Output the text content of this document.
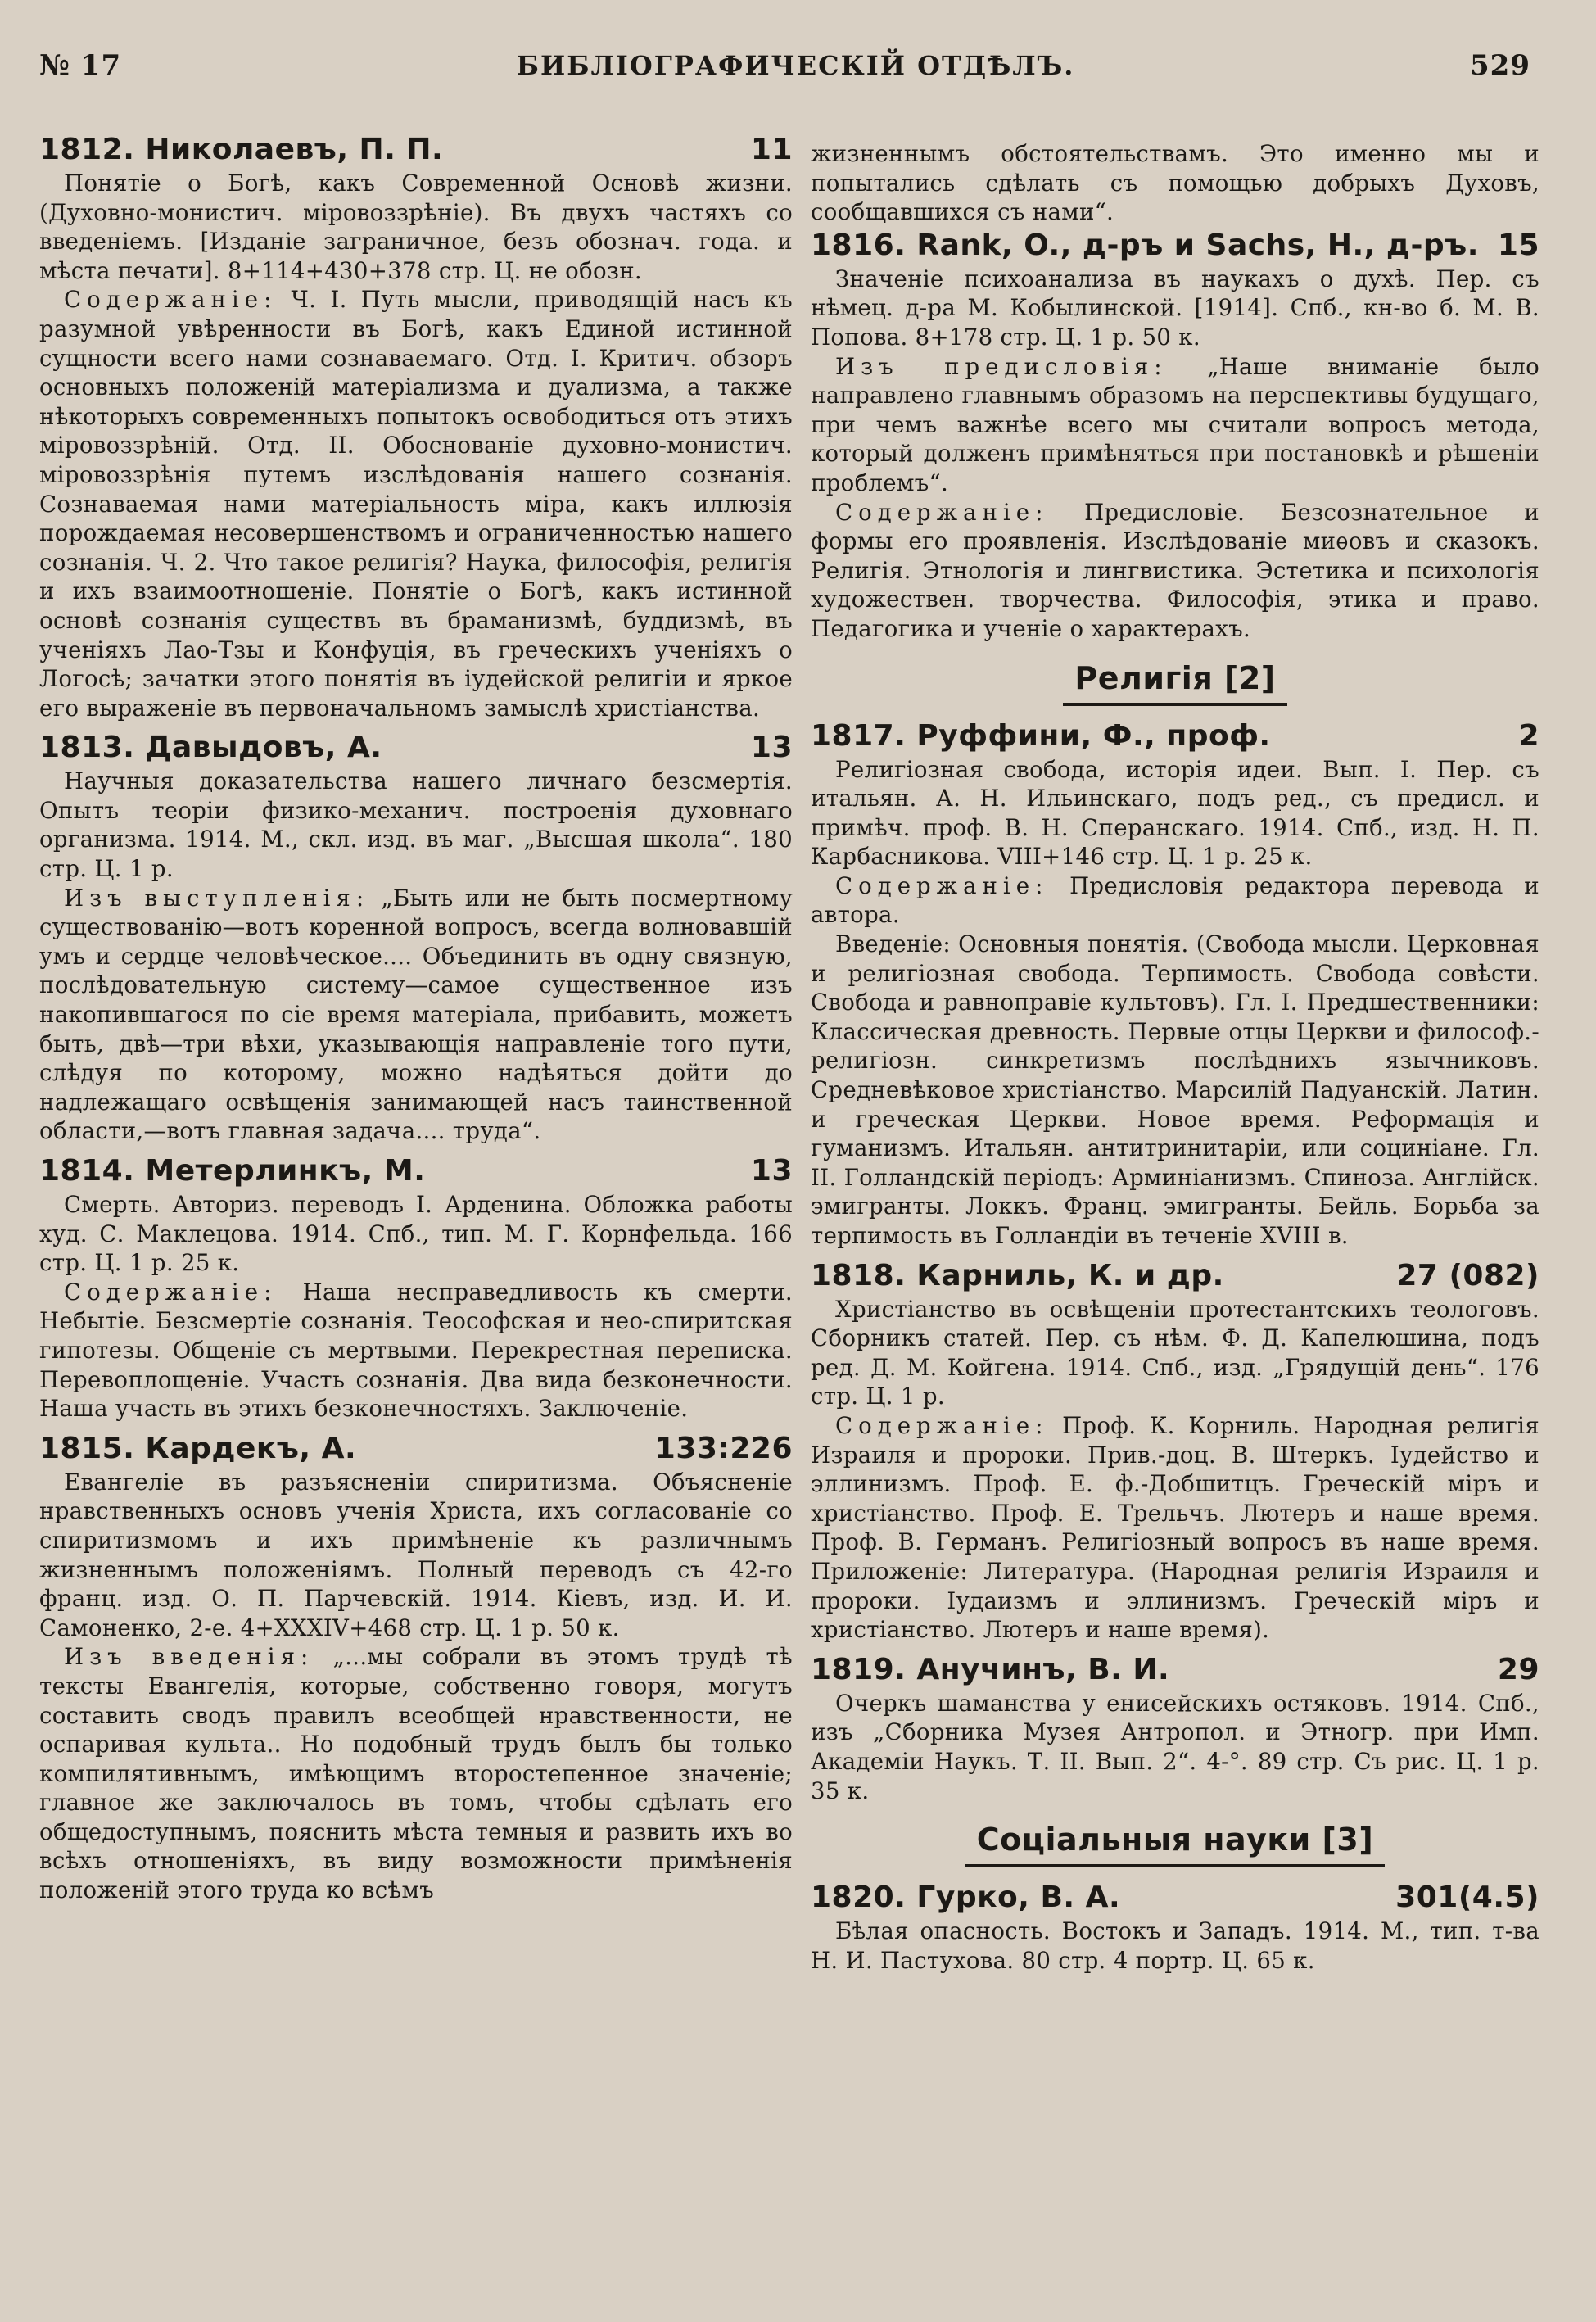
№ 17	БИБЛІОГРАФИЧЕСКІЙ ОТДѢЛЪ.	529
1812. Николаевъ, П. П.	11

Понятіе о Богѣ, какъ Современной Основѣ жизни. (Духовно-монистич. міровоззрѣніе). Въ двухъ частяхъ со введеніемъ. [Изданіе заграничное, безъ обознач. года. и мѣста печати]. 8+114+430+378 стр. Ц. не обозн.

Содержаніе: Ч. I. Путь мысли, приводящій насъ къ разумной увѣренности въ Богѣ, какъ Единой истинной сущности всего нами сознаваемаго. Отд. I. Критич. обзоръ основныхъ положеній матеріализма и дуализма, а также нѣкоторыхъ современныхъ попытокъ освободиться отъ этихъ міровоззрѣній. Отд. II. Обоснованіе духовно-монистич. міровоззрѣнія путемъ изслѣдованія нашего сознанія. Сознаваемая нами матеріальность міра, какъ иллюзія порождаемая несовершенствомъ и ограниченностью нашего сознанія. Ч. 2. Что такое религія? Наука, философія, религія и ихъ взаимоотношеніе. Понятіе о Богѣ, какъ истинной основѣ сознанія существъ въ браманизмѣ, буддизмѣ, въ ученіяхъ Лао-Тзы и Конфуція, въ греческихъ ученіяхъ о Логосѣ; зачатки этого понятія въ іудейской религіи и яркое его выраженіе въ первоначальномъ замыслѣ христіанства.

1813. Давыдовъ, А.	13

Научныя доказательства нашего личнаго безсмертія. Опытъ теоріи физико-механич. построенія духовнаго организма. 1914. М., скл. изд. въ маг. „Высшая школа“. 180 стр. Ц. 1 р.

Изъ выступленія: „Быть или не быть посмертному существованію—вотъ коренной вопросъ, всегда волновавшій умъ и сердце человѣческое.... Объединить въ одну связную, послѣдовательную систему—самое существенное изъ накопившагося по сіе время матеріала, прибавить, можетъ быть, двѣ—три вѣхи, указывающія направленіе того пути, слѣдуя по которому, можно надѣяться дойти до надлежащаго освѣщенія занимающей насъ таинственной области,—вотъ главная задача.... труда“.

1814. Метерлинкъ, М.	13

Смерть. Авториз. переводъ I. Арденина. Обложка работы худ. С. Маклецова. 1914. Спб., тип. М. Г. Корнфельда. 166 стр. Ц. 1 р. 25 к.

Содержаніе: Наша несправедливость къ смерти. Небытіе. Безсмертіе сознанія. Теософская и нео-спиритская гипотезы. Общеніе съ мертвыми. Перекрестная переписка. Перевоплощеніе. Участь сознанія. Два вида безконечности. Наша участь въ этихъ безконечностяхъ. Заключеніе.

1815. Кардекъ, А.	133:226

Евангеліе въ разъясненіи спиритизма. Объясненіе нравственныхъ основъ ученія Христа, ихъ согласованіе со спиритизмомъ и ихъ примѣненіе къ различнымъ жизненнымъ положеніямъ. Полный переводъ съ 42-го франц. изд. О. П. Парчевскій. 1914. Кіевъ, изд. И. И. Самоненко, 2-е. 4+XXXIV+468 стр. Ц. 1 р. 50 к.

Изъ введенія: „...мы собрали въ этомъ трудѣ тѣ тексты Евангелія, которые, собственно говоря, могутъ составить сводъ правилъ всеобщей нравственности, не оспаривая культа.. Но подобный трудъ былъ бы только компилятивнымъ, имѣющимъ второстепенное значеніе; главное же заключалось въ томъ, чтобы сдѣлать его общедоступнымъ, пояснить мѣста темныя и развить ихъ во всѣхъ отношеніяхъ, въ виду возможности примѣненія положеній этого труда ко всѣмъ

жизненнымъ обстоятельствамъ. Это именно мы и попытались сдѣлать съ помощью добрыхъ Духовъ, сообщавшихся съ нами“.

1816. Rank, O., д-ръ и Sachs, H., д-ръ. 15

Значеніе психоанализа въ наукахъ о духѣ. Пер. съ нѣмец. д-ра М. Кобылинской. [1914]. Спб., кн-во б. М. В. Попова. 8+178 стр. Ц. 1 р. 50 к.

Изъ предисловія: „Наше вниманіе было направлено главнымъ образомъ на перспективы будущаго, при чемъ важнѣе всего мы считали вопросъ метода, который долженъ примѣняться при постановкѣ и рѣшеніи проблемъ“.

Содержаніе: Предисловіе. Безсознательное и формы его проявленія. Изслѣдованіе миѳовъ и сказокъ. Религія. Этнологія и лингвистика. Эстетика и психологія художествен. творчества. Философія, этика и право. Педагогика и ученіе о характерахъ.

Религія [2]
1817. Руффини, Ф., проф.	2

Религіозная свобода, исторія идеи. Вып. I. Пер. съ итальян. А. Н. Ильинскаго, подъ ред., съ предисл. и примѣч. проф. В. Н. Сперанскаго. 1914. Спб., изд. Н. П. Карбасникова. VIII+146 стр. Ц. 1 р. 25 к.

Содержаніе: Предисловія редактора перевода и автора.

Введеніе: Основныя понятія. (Свобода мысли. Церковная и религіозная свобода. Терпимость. Свобода совѣсти. Свобода и равноправіе культовъ). Гл. I. Предшественники: Классическая древность. Первые отцы Церкви и философ.-религіозн. синкретизмъ послѣднихъ язычниковъ. Средневѣковое христіанство. Марсилій Падуанскій. Латин. и греческая Церкви. Новое время. Реформація и гуманизмъ. Итальян. антитринитаріи, или социніане. Гл. II. Голландскій періодъ: Арминіанизмъ. Спиноза. Англійск. эмигранты. Локкъ. Франц. эмигранты. Бейль. Борьба за терпимость въ Голландіи въ теченіе XVIII в.

1818. Карниль, К. и др.	27 (082)

Христіанство въ освѣщеніи протестантскихъ теологовъ. Сборникъ статей. Пер. съ нѣм. Ф. Д. Капелюшина, подъ ред. Д. М. Койгена. 1914. Спб., изд. „Грядущій день“. 176 стр. Ц. 1 р.

Содержаніе: Проф. К. Корниль. Народная религія Израиля и пророки. Прив.-доц. В. Штеркъ. Іудейство и эллинизмъ. Проф. Е. ф.-Добшитцъ. Греческій міръ и христіанство. Проф. Е. Трельчъ. Лютеръ и наше время. Проф. В. Германъ. Религіозный вопросъ въ наше время. Приложеніе: Литература. (Народная религія Израиля и пророки. Іудаизмъ и эллинизмъ. Греческій міръ и христіанство. Лютеръ и наше время).

1819. Анучинъ, В. И.	29

Очеркъ шаманства у енисейскихъ остяковъ. 1914. Спб., изъ „Сборника Музея Антропол. и Этногр. при Имп. Академіи Наукъ. Т. II. Вып. 2“. 4-°. 89 стр. Съ рис. Ц. 1 р. 35 к.

Соціальныя науки [3]
1820. Гурко, В. А.	301(4.5)

Бѣлая опасность. Востокъ и Западъ. 1914. М., тип. т-ва Н. И. Пастухова. 80 стр. 4 портр. Ц. 65 к.
